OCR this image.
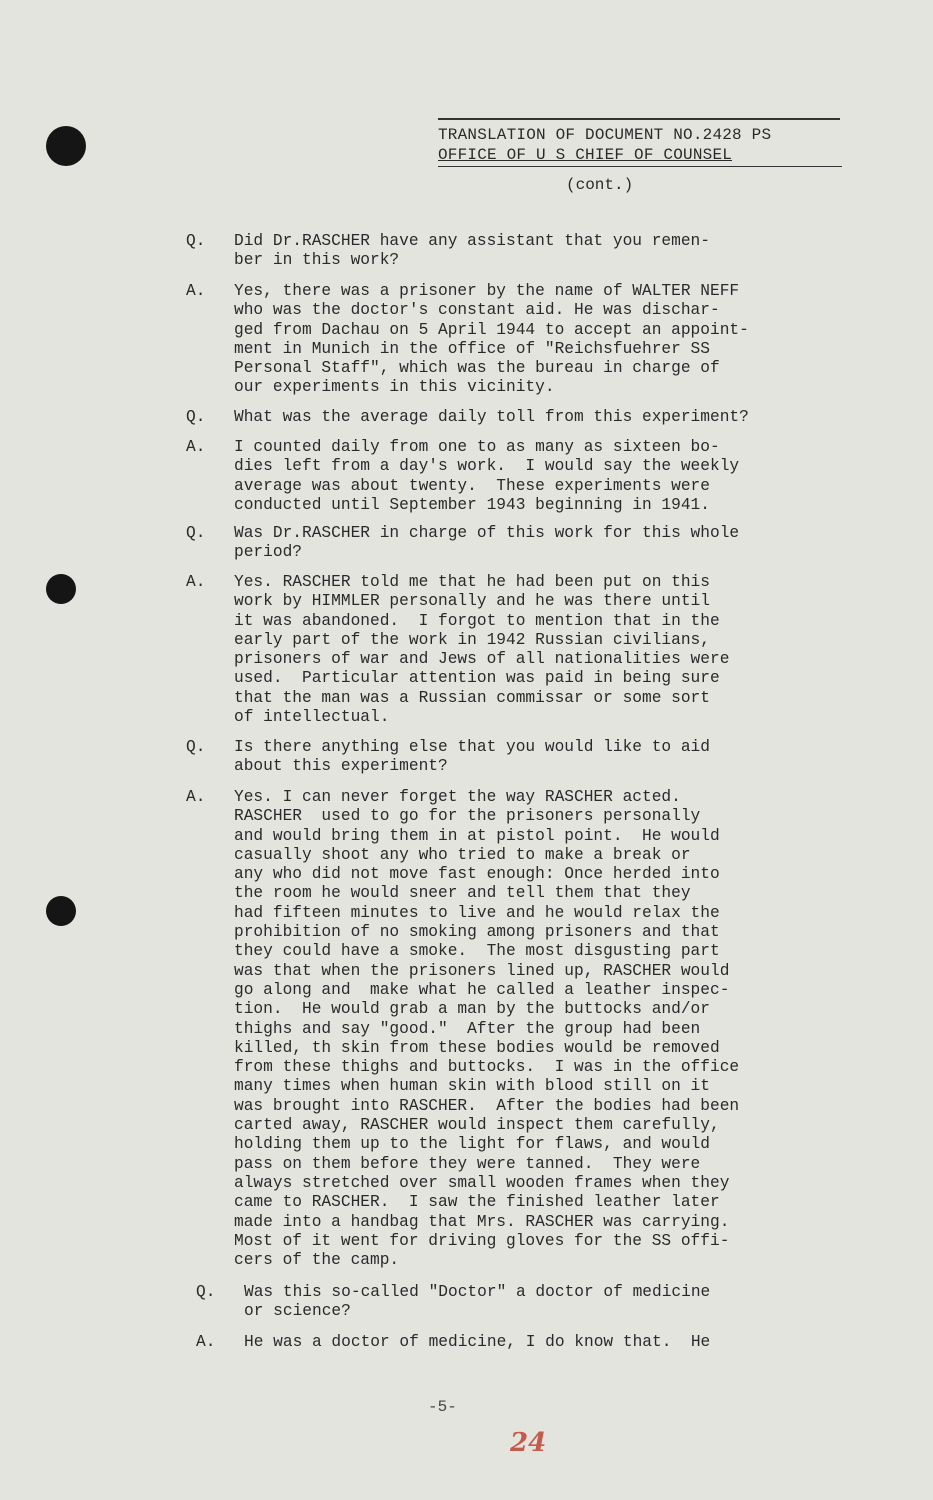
TRANSLATION OF DOCUMENT NO.2428 PS
OFFICE OF U S CHIEF OF COUNSEL
(cont.)
Q.	Did Dr.RASCHER have any assistant that you remen-
ber in this work?
A.	Yes, there was a prisoner by the name of WALTER NEFF
who was the doctor's constant aid. He was dischar-
ged from Dachau on 5 April 1944 to accept an appoint-
ment in Munich in the office of "Reichsfuehrer SS
Personal Staff", which was the bureau in charge of
our experiments in this vicinity.
Q.	What was the average daily toll from this experiment?
A.	I counted daily from one to as many as sixteen bo-
dies left from a day's work.  I would say the weekly
average was about twenty.  These experiments were
conducted until September 1943 beginning in 1941.
Q.	Was Dr.RASCHER in charge of this work for this whole
period?
A.	Yes. RASCHER told me that he had been put on this
work by HIMMLER personally and he was there until
it was abandoned.  I forgot to mention that in the
early part of the work in 1942 Russian civilians,
prisoners of war and Jews of all nationalities were
used.  Particular attention was paid in being sure
that the man was a Russian commissar or some sort
of intellectual.
Q.	Is there anything else that you would like to aid
about this experiment?
A.	Yes. I can never forget the way RASCHER acted.
RASCHER  used to go for the prisoners personally
and would bring them in at pistol point.  He would
casually shoot any who tried to make a break or
any who did not move fast enough: Once herded into
the room he would sneer and tell them that they
had fifteen minutes to live and he would relax the
prohibition of no smoking among prisoners and that
they could have a smoke.  The most disgusting part
was that when the prisoners lined up, RASCHER would
go along and  make what he called a leather inspec-
tion.  He would grab a man by the buttocks and/or
thighs and say "good."  After the group had been
killed, th skin from these bodies would be removed
from these thighs and buttocks.  I was in the office
many times when human skin with blood still on it
was brought into RASCHER.  After the bodies had been
carted away, RASCHER would inspect them carefully,
holding them up to the light for flaws, and would
pass on them before they were tanned.  They were
always stretched over small wooden frames when they
came to RASCHER.  I saw the finished leather later
made into a handbag that Mrs. RASCHER was carrying.
Most of it went for driving gloves for the SS offi-
cers of the camp.
Q.	Was this so-called "Doctor" a doctor of medicine
or science?
A.	He was a doctor of medicine, I do know that.  He
-5-
24
